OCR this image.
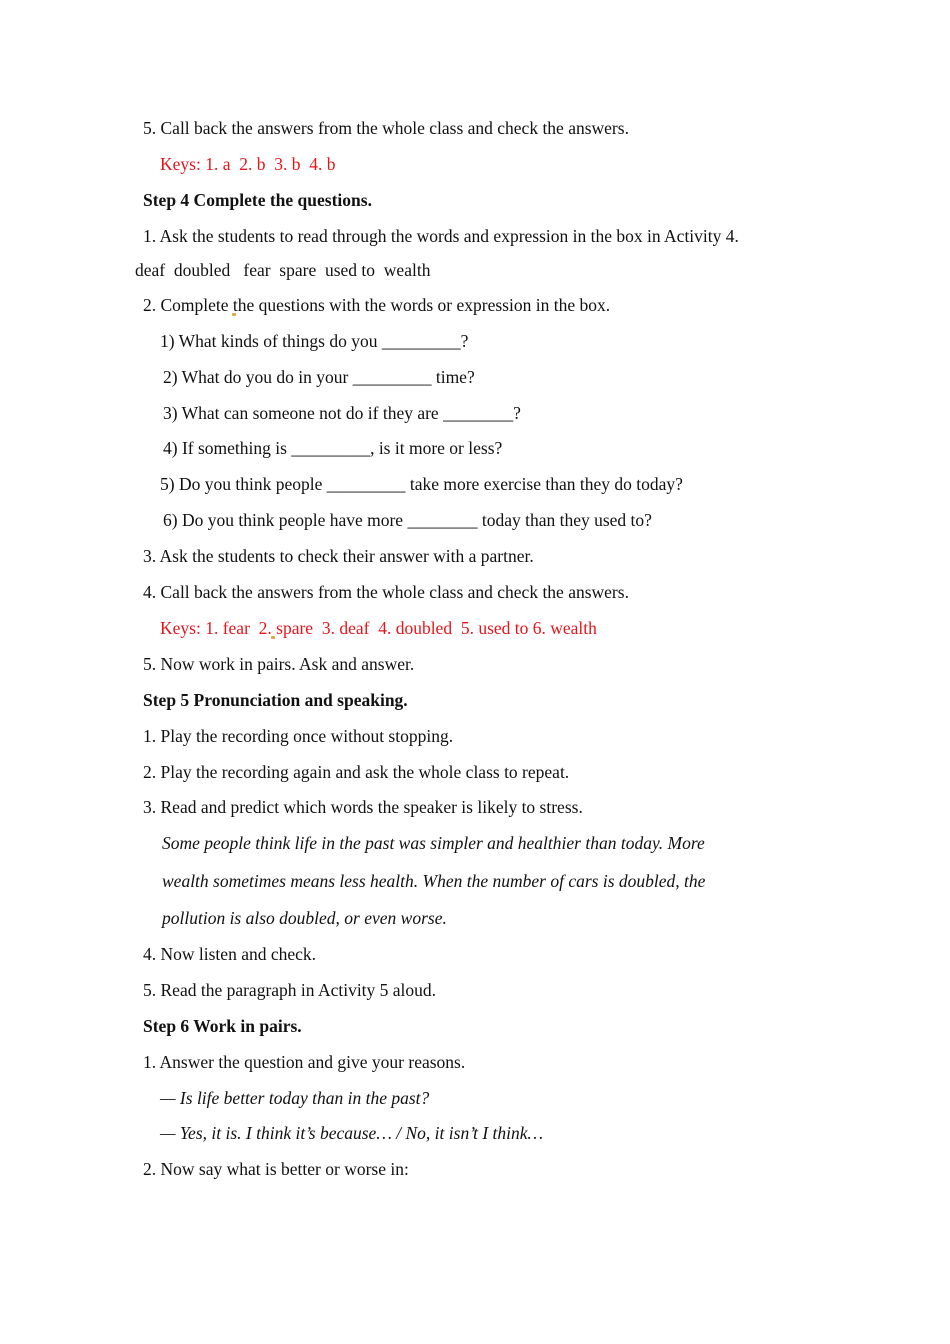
5. Call back the answers from the whole class and check the answers.
Keys: 1. a  2. b  3. b  4. b
Step 4 Complete the questions.
1. Ask the students to read through the words and expression in the box in Activity 4.
deaf  doubled   fear  spare  used to  wealth
2. Complete the questions with the words or expression in the box.
1) What kinds of things do you _________?
2) What do you do in your _________ time?
3) What can someone not do if they are ________?
4) If something is _________, is it more or less?
5) Do you think people _________ take more exercise than they do today?
6) Do you think people have more ________ today than they used to?
3. Ask the students to check their answer with a partner.
4. Call back the answers from the whole class and check the answers.
Keys: 1. fear  2. spare  3. deaf  4. doubled  5. used to 6. wealth
5. Now work in pairs. Ask and answer.
Step 5 Pronunciation and speaking.
1. Play the recording once without stopping.
2. Play the recording again and ask the whole class to repeat.
3. Read and predict which words the speaker is likely to stress.
Some people think life in the past was simpler and healthier than today. More
wealth sometimes means less health. When the number of cars is doubled, the
pollution is also doubled, or even worse.
4. Now listen and check.
5. Read the paragraph in Activity 5 aloud.
Step 6 Work in pairs.
1. Answer the question and give your reasons.
— Is life better today than in the past?
— Yes, it is. I think it’s because… / No, it isn’t I think…
2. Now say what is better or worse in:
